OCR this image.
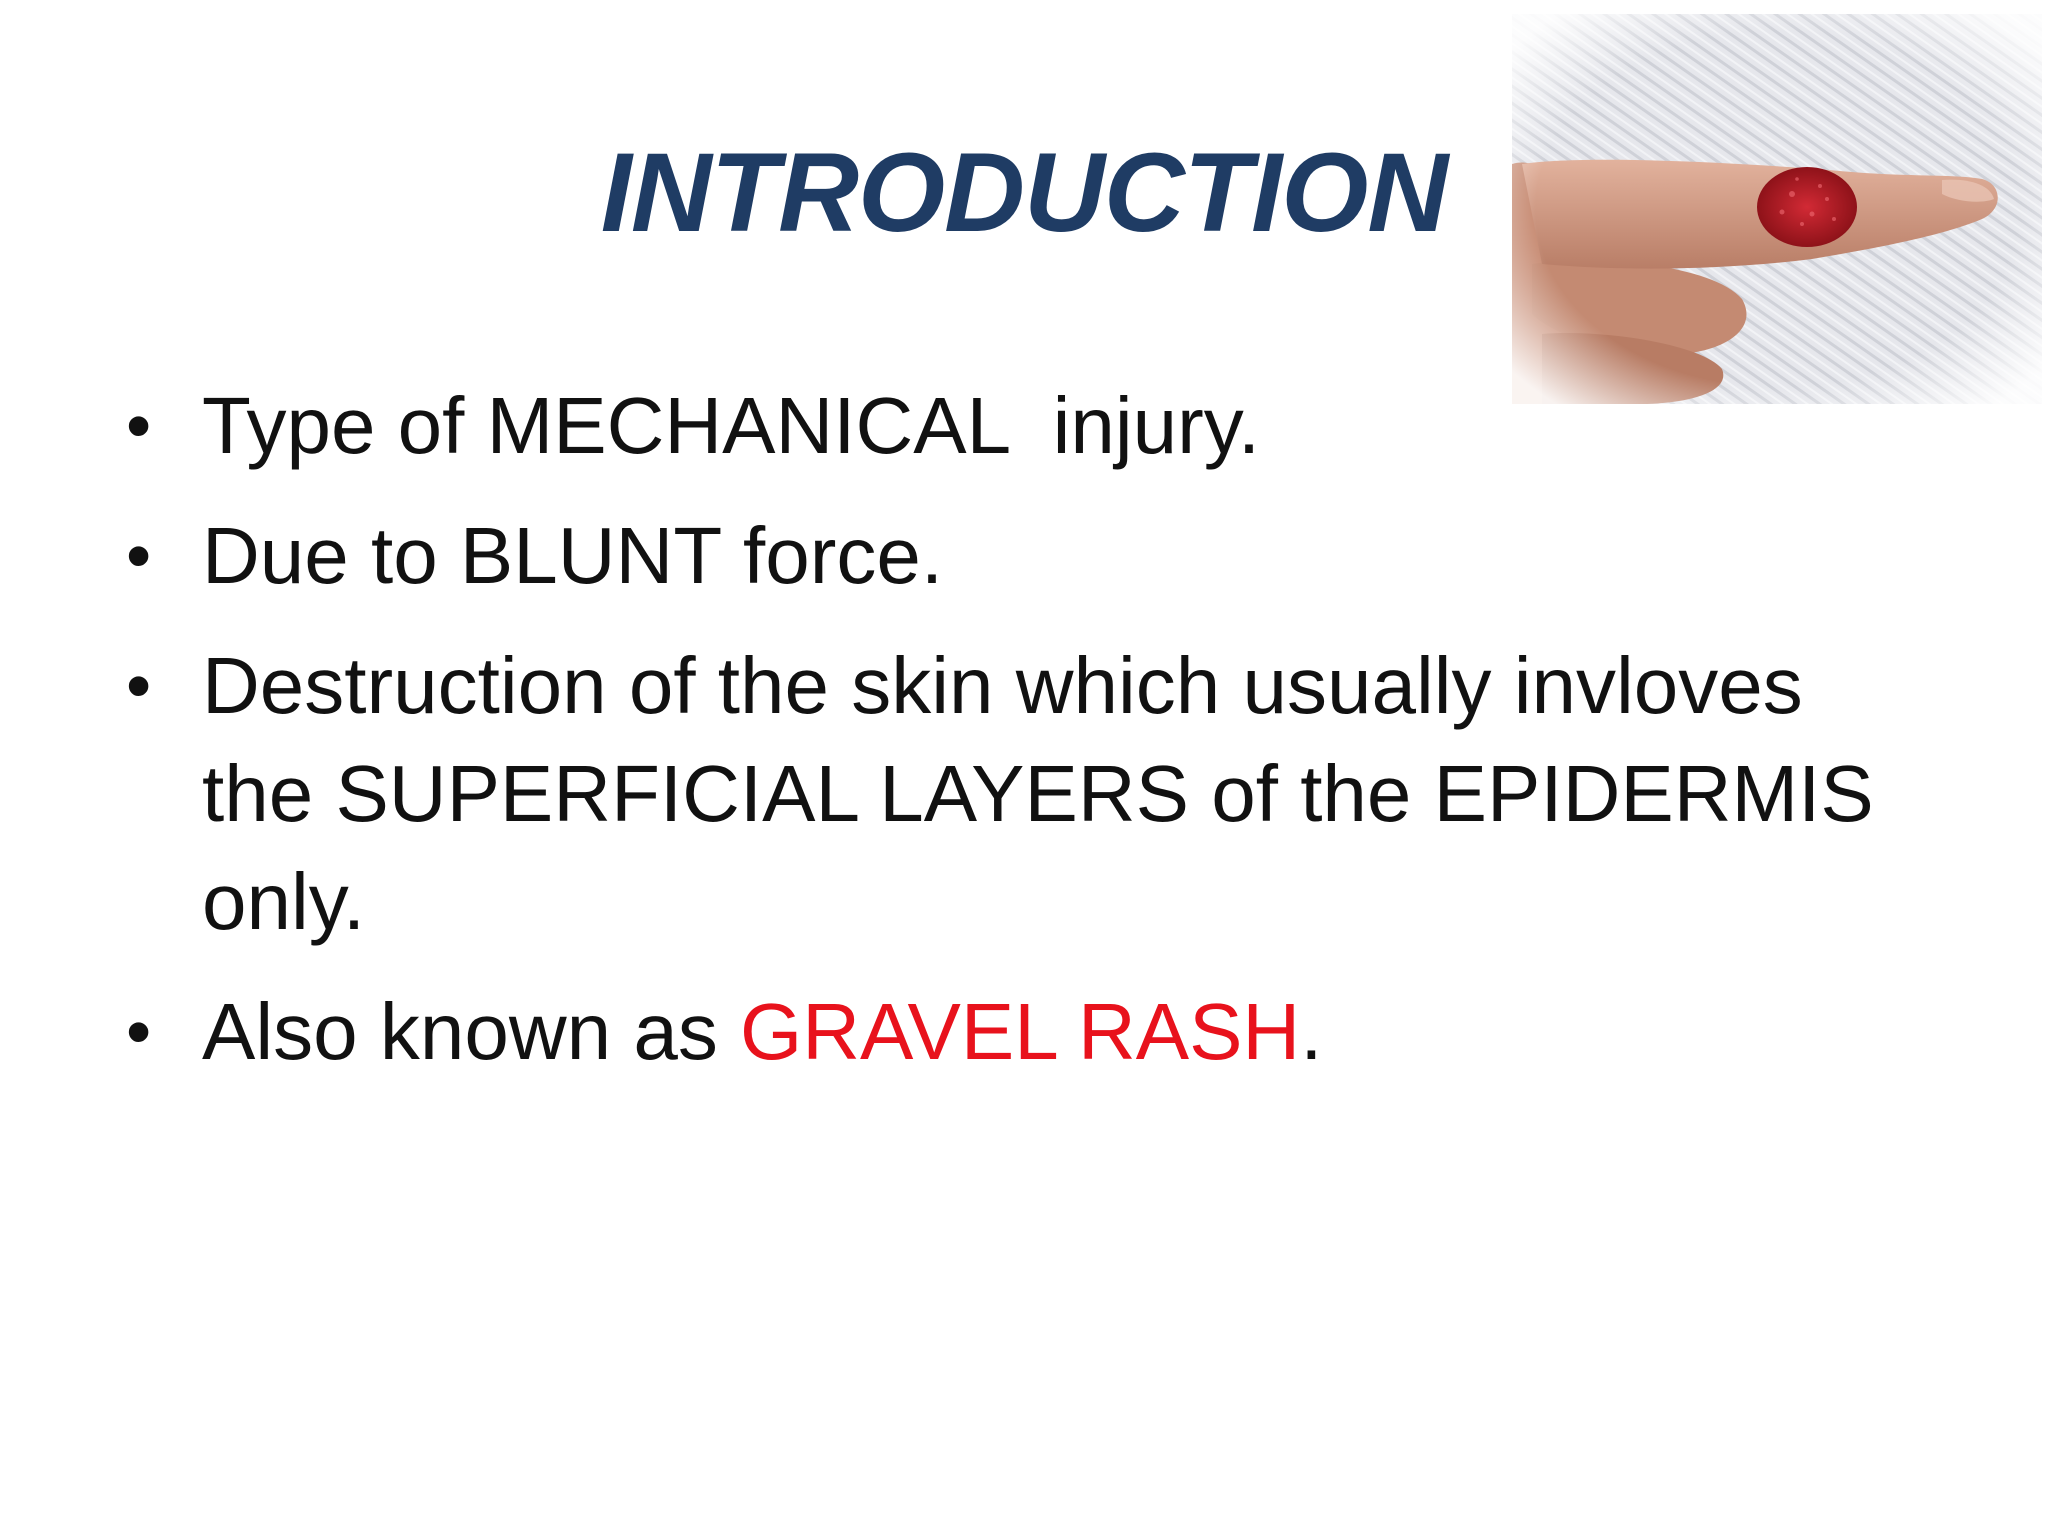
INTRODUCTION
• Type of MECHANICAL  injury.
• Due to BLUNT force.
• Destruction of the skin which usually invloves the SUPERFICIAL LAYERS of the EPIDERMIS only.
• Also known as GRAVEL RASH.
